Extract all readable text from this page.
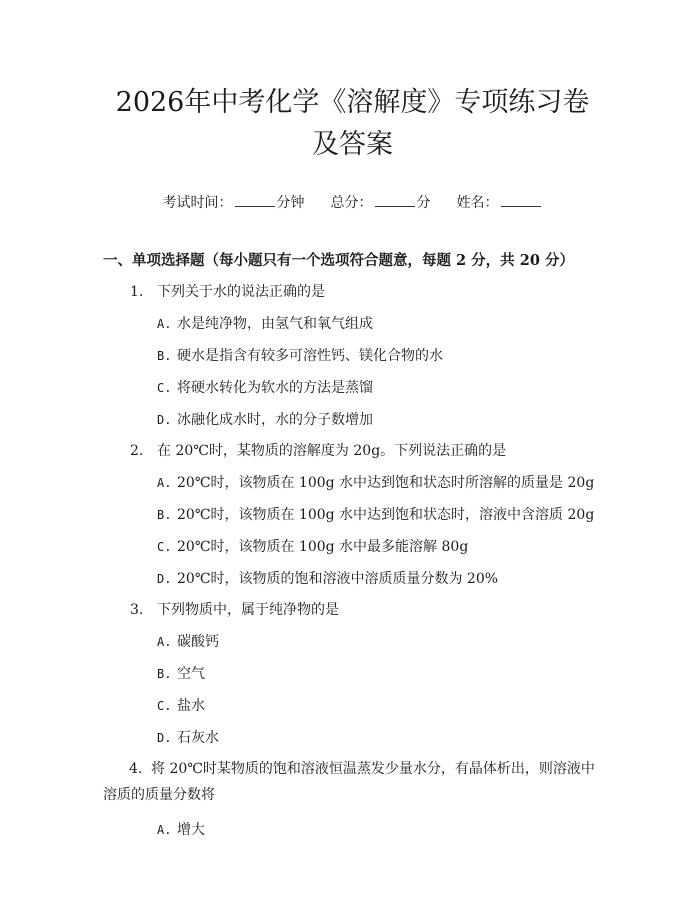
2026年中考化学《溶解度》专项练习卷及答案
考试时间：	分钟 总分：	分 姓名：
一、单项选择题（每小题只有一个选项符合题意，每题 2 分，共 20 分）
1. 下列关于水的说法正确的是
A. 水是纯净物，由氢气和氧气组成
B. 硬水是指含有较多可溶性钙、镁化合物的水
C. 将硬水转化为软水的方法是蒸馏
D. 冰融化成水时，水的分子数增加
2. 在 20℃时，某物质的溶解度为 20g。下列说法正确的是
A. 20℃时，该物质在 100g 水中达到饱和状态时所溶解的质量是 20g
B. 20℃时，该物质在 100g 水中达到饱和状态时，溶液中含溶质 20g
C. 20℃时，该物质在 100g 水中最多能溶解 80g
D. 20℃时，该物质的饱和溶液中溶质质量分数为 20%
3. 下列物质中，属于纯净物的是
A. 碳酸钙
B. 空气
C. 盐水
D. 石灰水
4. 将 20℃时某物质的饱和溶液恒温蒸发少量水分，有晶体析出，则溶液中溶质的质量分数将
A. 增大
